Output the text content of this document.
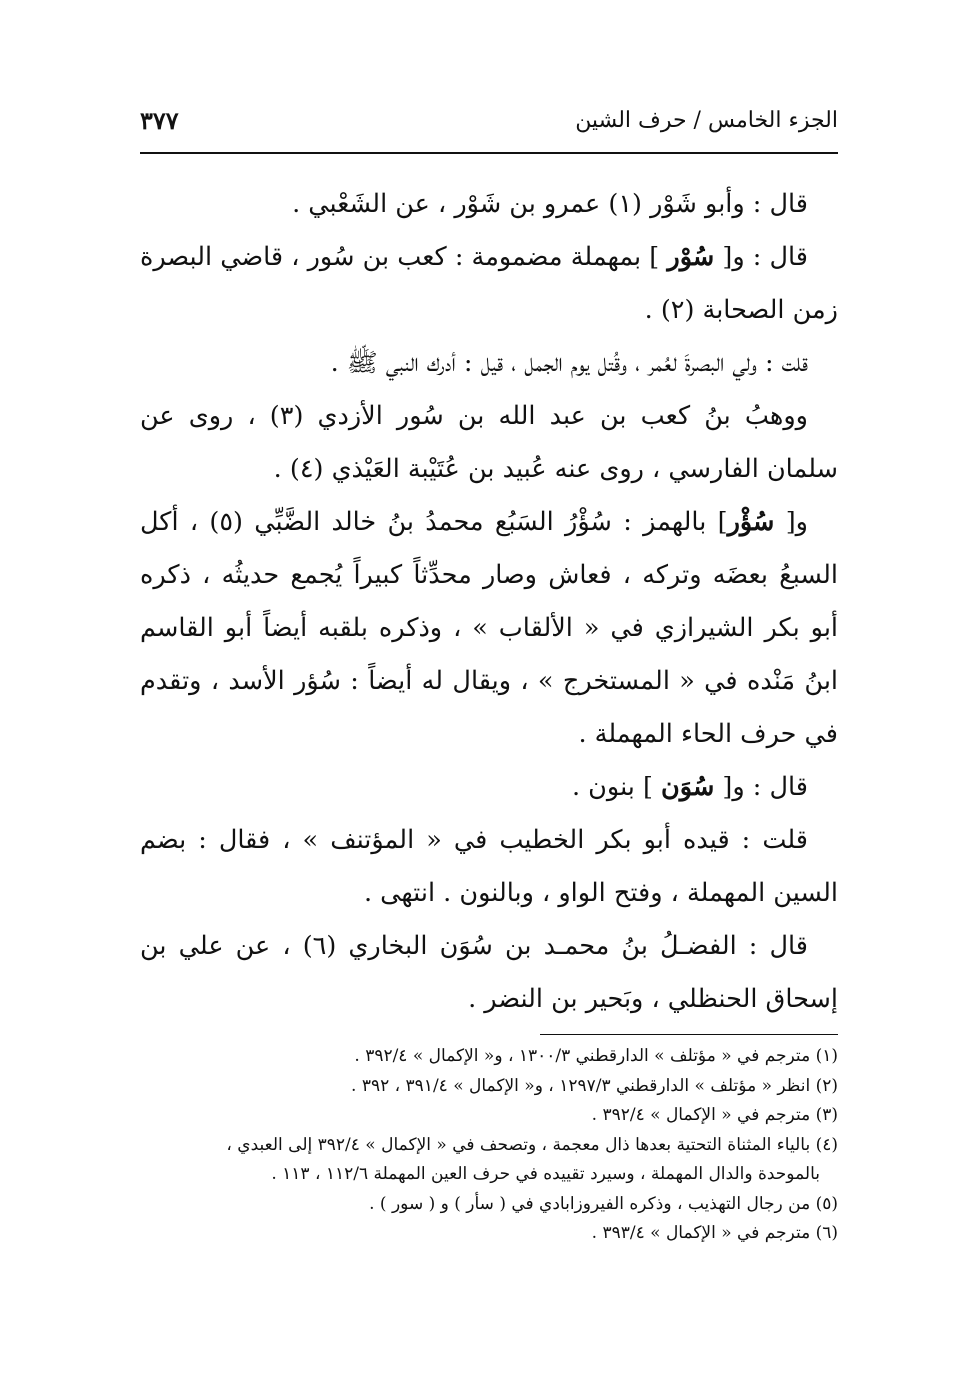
الجزء الخامس / حرف الشين
٣٧٧

قال : وأبو شَوْر (١) عمرو بن شَوْر ، عن الشَعْبي .

قال : و[ سُوْر ] بمهملة مضمومة : كعب بن سُور ، قاضي البصرة زمن الصحابة (٢) .

قلت : ولي البصرةَ لعُمر ، وقُتل يوم الجمل ، قيل : أدرك النبي ﷺ .

ووهبُ بنُ كعب بن عبد الله بن سُور الأزدي (٣) ، روى عن سلمان الفارسي ، روى عنه عُبيد بن عُتَيْبة العَيْذي (٤) .

و[ سُؤْر] بالهمز : سُؤْرُ السَبُع محمدُ بنُ خالد الضَّبِّي (٥) ، أكل السبعُ بعضَه وتركه ، فعاش وصار محدِّثاً كبيراً يُجمع حديثُه ، ذكره أبو بكر الشيرازي في « الألقاب » ، وذكره بلقبه أيضاً أبو القاسم ابنُ مَنْده في « المستخرج » ، ويقال له أيضاً : سُؤر الأسد ، وتقدم في حرف الحاء المهملة .

قال : و[ سُوَن ] بنون .

قلت : قيده أبو بكر الخطيب في « المؤتنف » ، فقال : بضم السين المهملة ، وفتح الواو ، وبالنون . انتهى .

قال : الفضـلُ بنُ محمـد بن سُوَن البخاري (٦) ، عن علي بن إسحاق الحنظلي ، وبَحير بن النضر .

(١) مترجم في « مؤتلف » الدارقطني ١٣٠٠/٣ ، و« الإكمال » ٣٩٢/٤ .

(٢) انظر « مؤتلف » الدارقطني ١٢٩٧/٣ ، و« الإكمال » ٣٩١/٤ ، ٣٩٢ .

(٣) مترجم في « الإكمال » ٣٩٢/٤ .

(٤) بالياء المثناة التحتية بعدها ذال معجمة ، وتصحف في « الإكمال » ٣٩٢/٤ إلى العبدي ،

بالموحدة والدال المهملة ، وسيرد تقييده في حرف العين المهملة ١١٢/٦ ، ١١٣ .

(٥) من رجال التهذيب ، وذكره الفيروزابادي في ( سأر ) و ( سور ) .

(٦) مترجم في « الإكمال » ٣٩٣/٤ .
